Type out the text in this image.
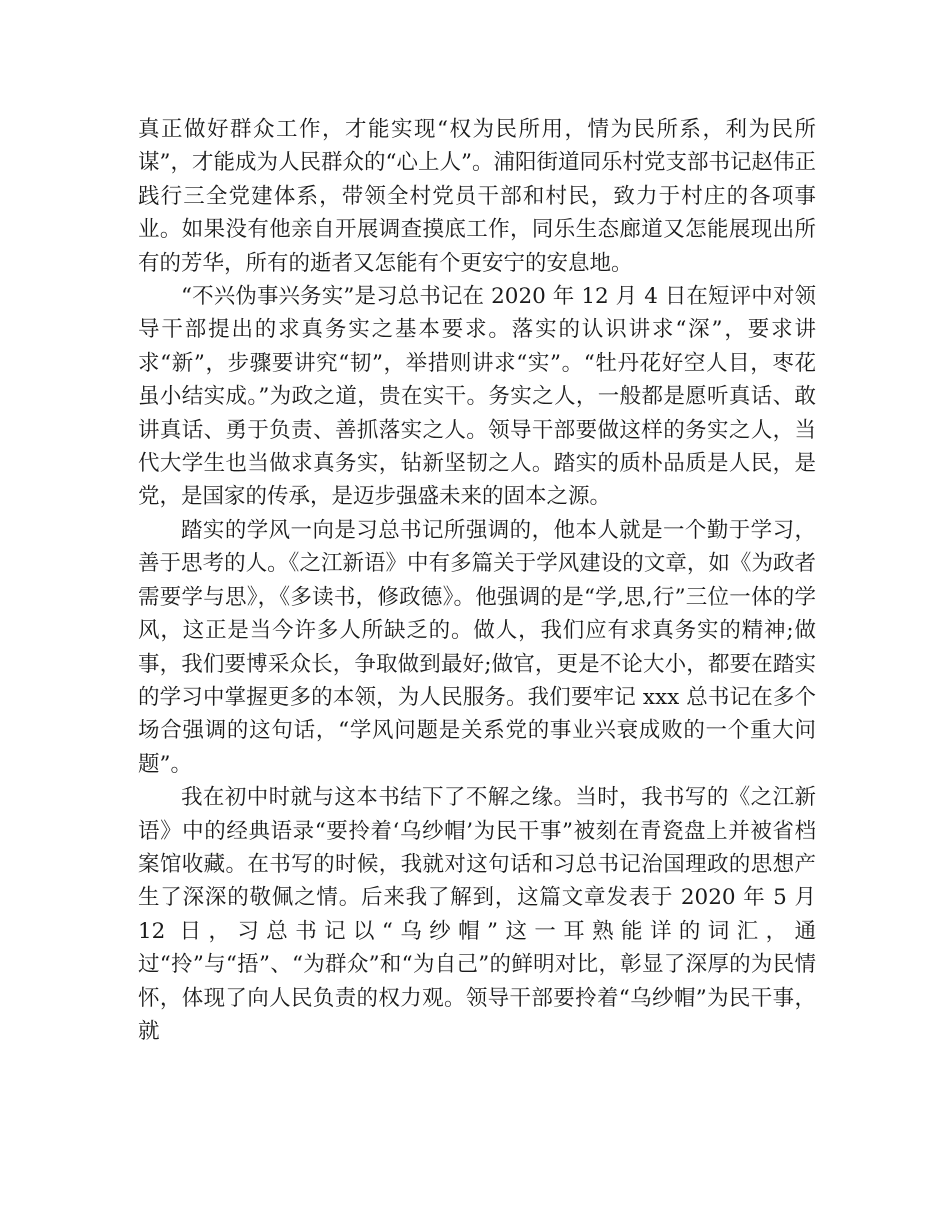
真正做好群众工作，才能实现“权为民所用，情为民所系，利为民所谋”，才能成为人民群众的“心上人”。浦阳街道同乐村党支部书记赵伟正践行三全党建体系，带领全村党员干部和村民，致力于村庄的各项事业。如果没有他亲自开展调查摸底工作，同乐生态廊道又怎能展现出所有的芳华，所有的逝者又怎能有个更安宁的安息地。

“不兴伪事兴务实”是习总书记在 2020 年 12 月 4 日在短评中对领导干部提出的求真务实之基本要求。落实的认识讲求“深”，要求讲求“新”，步骤要讲究“韧”，举措则讲求“实”。“牡丹花好空人目，枣花虽小结实成。”为政之道，贵在实干。务实之人，一般都是愿听真话、敢讲真话、勇于负责、善抓落实之人。领导干部要做这样的务实之人，当代大学生也当做求真务实，钻新坚韧之人。踏实的质朴品质是人民，是党，是国家的传承，是迈步强盛未来的固本之源。

踏实的学风一向是习总书记所强调的，他本人就是一个勤于学习，善于思考的人。《之江新语》中有多篇关于学风建设的文章，如《为政者需要学与思》，《多读书，修政德》。他强调的是“学,思,行”三位一体的学风，这正是当今许多人所缺乏的。做人，我们应有求真务实的精神;做事，我们要博采众长，争取做到最好;做官，更是不论大小，都要在踏实的学习中掌握更多的本领，为人民服务。我们要牢记 xxx 总书记在多个场合强调的这句话，“学风问题是关系党的事业兴衰成败的一个重大问题”。

我在初中时就与这本书结下了不解之缘。当时，我书写的《之江新语》中的经典语录“要拎着‘乌纱帽’为民干事”被刻在青瓷盘上并被省档案馆收藏。在书写的时候，我就对这句话和习总书记治国理政的思想产生了深深的敬佩之情。后来我了解到，这篇文章发表于 2020 年 5 月 12 日，习总书记以“乌纱帽”这一耳熟能详的词汇，通过“拎”与“捂”、“为群众”和“为自己”的鲜明对比，彰显了深厚的为民情怀，体现了向人民负责的权力观。领导干部要拎着“乌纱帽”为民干事，就
